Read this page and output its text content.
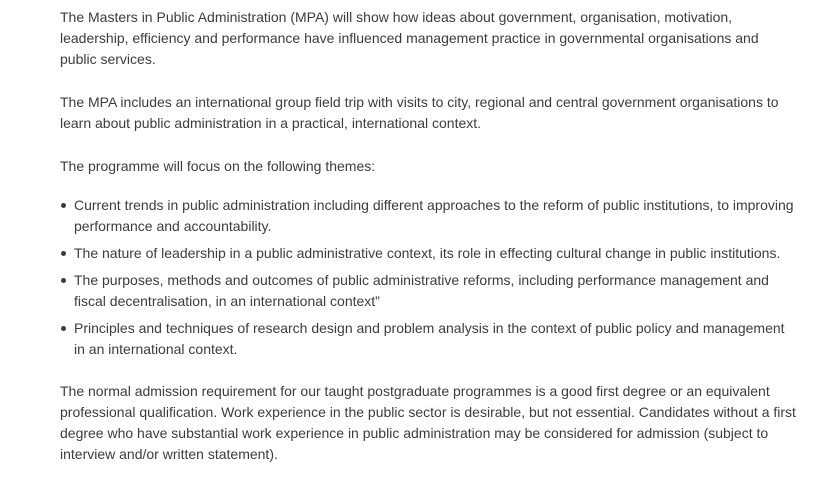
The Masters in Public Administration (MPA) will show how ideas about government, organisation, motivation, leadership, efficiency and performance have influenced management practice in governmental organisations and public services.

The MPA includes an international group field trip with visits to city, regional and central government organisations to learn about public administration in a practical, international context.

The programme will focus on the following themes:

Current trends in public administration including different approaches to the reform of public institutions, to improving performance and accountability.
The nature of leadership in a public administrative context, its role in effecting cultural change in public institutions.
The purposes, methods and outcomes of public administrative reforms, including performance management and fiscal decentralisation, in an international context”
Principles and techniques of research design and problem analysis in the context of public policy and management in an international context.

The normal admission requirement for our taught postgraduate programmes is a good first degree or an equivalent professional qualification. Work experience in the public sector is desirable, but not essential. Candidates without a first degree who have substantial work experience in public administration may be considered for admission (subject to interview and/or written statement).
